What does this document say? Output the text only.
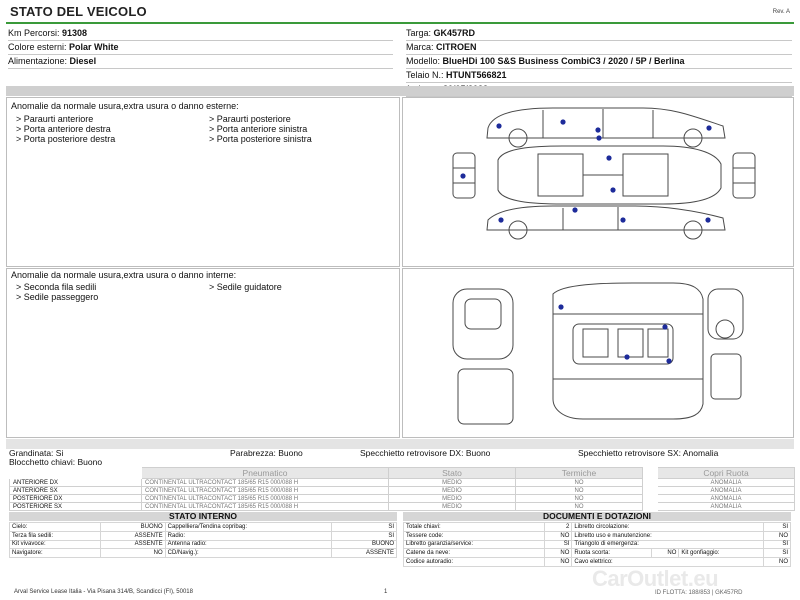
STATO DEL VEICOLO	Rev. A
Km Percorsi: 91308
Colore esterni: Polar White
Alimentazione: Diesel
Targa: GK457RD
Marca: CITROEN
Modello: BlueHDi 100 S&S Business CombiC3 / 2020 / 5P / Berlina
Telaio N.: HTUNT566821
Anomalie da normale usura,extra usura o danno esterne:
> Paraurti anteriore
> Porta anteriore destra
> Porta posteriore destra
> Paraurti posteriore
> Porta anteriore sinistra
> Porta posteriore sinistra
Anomalie da normale usura,extra usura o danno interne:
> Seconda fila sedili
> Sedile passeggero
> Sedile guidatore
Grandinata: Si	Parabrezza: Buono	Specchietto retrovisore DX: Buono	Specchietto retrovisore SX: Anomalia
Blocchetto chiavi: Buono
	Pneumatico	Stato	Termiche		Copri Ruota
ANTERIORE DX	CONTINENTAL ULTRACONTACT 185/65 R15 000/088 H	MEDIO	NO		ANOMALIA
ANTERIORE SX	CONTINENTAL ULTRACONTACT 185/65 R15 000/088 H	MEDIO	NO		ANOMALIA
POSTERIORE DX	CONTINENTAL ULTRACONTACT 185/65 R15 000/088 H	MEDIO	NO		ANOMALIA
POSTERIORE SX	CONTINENTAL ULTRACONTACT 185/65 R15 000/088 H	MEDIO	NO		ANOMALIA
STATO INTERNO
Cielo:	BUONO	Cappelliera/Tendina copribag:	SI
Terza fila sedili:	ASSENTE	Radio:	SI
Kit vivavoce:	ASSENTE	Antenna radio:	BUONO
Navigatore:	NO	CD/Navig.):	ASSENTE
DOCUMENTI E DOTAZIONI
Totale chiavi:	2	Libretto circolazione:			SI
Tessere code:	NO	Libretto uso e manutenzione:			NO
Libretto garanzia/service:	SI	Triangolo di emergenza:			SI
Catene da neve:	NO	Ruota scorta:	NO	Kit gonfiaggio:	SI
Codice autoradio:	NO	Cavo elettrico:			NO
Arval Service Lease Italia - Via Pisana 314/B, Scandicci (FI), 50018	1	ID FLOTTA: 188/853 | GK457RD
CarOutlet.eu
